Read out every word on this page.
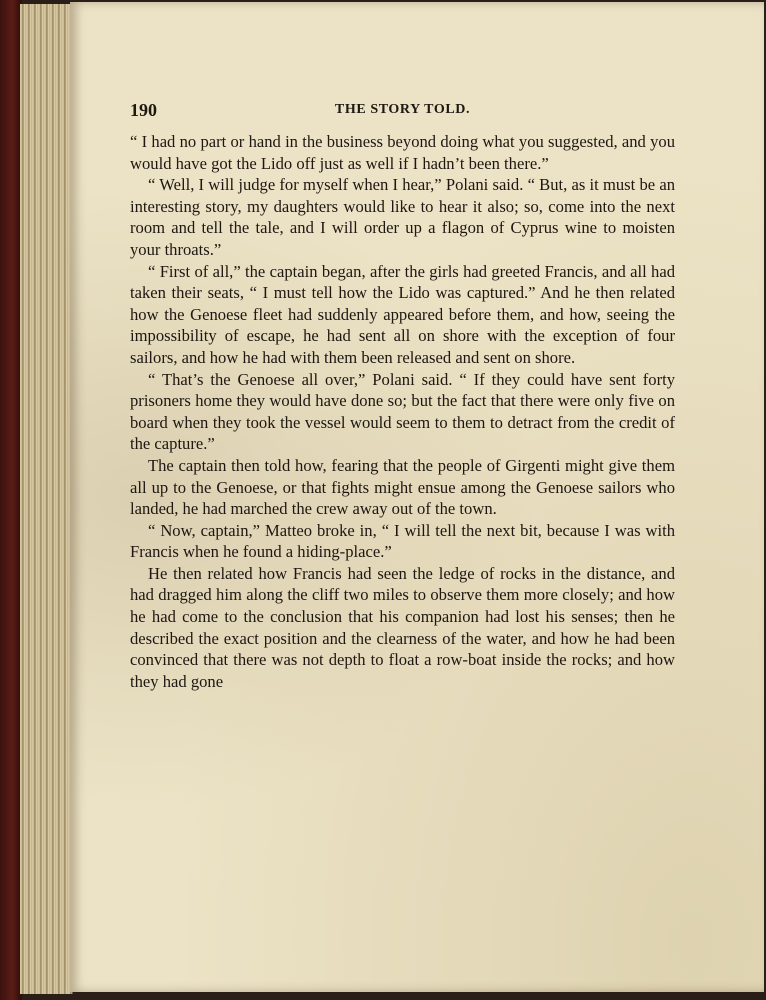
190	THE STORY TOLD.

“ I had no part or hand in the business beyond doing what you suggested, and you would have got the Lido off just as well if I hadn’t been there.”

“ Well, I will judge for myself when I hear,” Polani said. “ But, as it must be an interesting story, my daughters would like to hear it also; so, come into the next room and tell the tale, and I will order up a flagon of Cyprus wine to moisten your throats.”

“ First of all,” the captain began, after the girls had greeted Francis, and all had taken their seats, “ I must tell how the Lido was captured.” And he then related how the Genoese fleet had suddenly appeared before them, and how, seeing the impossibility of escape, he had sent all on shore with the exception of four sailors, and how he had with them been released and sent on shore.

“ That’s the Genoese all over,” Polani said. “ If they could have sent forty prisoners home they would have done so; but the fact that there were only five on board when they took the vessel would seem to them to detract from the credit of the capture.”

The captain then told how, fearing that the people of Girgenti might give them all up to the Genoese, or that fights might ensue among the Genoese sailors who landed, he had marched the crew away out of the town.

“ Now, captain,” Matteo broke in, “ I will tell the next bit, because I was with Francis when he found a hiding-place.”

He then related how Francis had seen the ledge of rocks in the distance, and had dragged him along the cliff two miles to observe them more closely; and how he had come to the conclusion that his companion had lost his senses; then he described the exact position and the clearness of the water, and how he had been convinced that there was not depth to float a row-boat inside the rocks; and how they had gone
